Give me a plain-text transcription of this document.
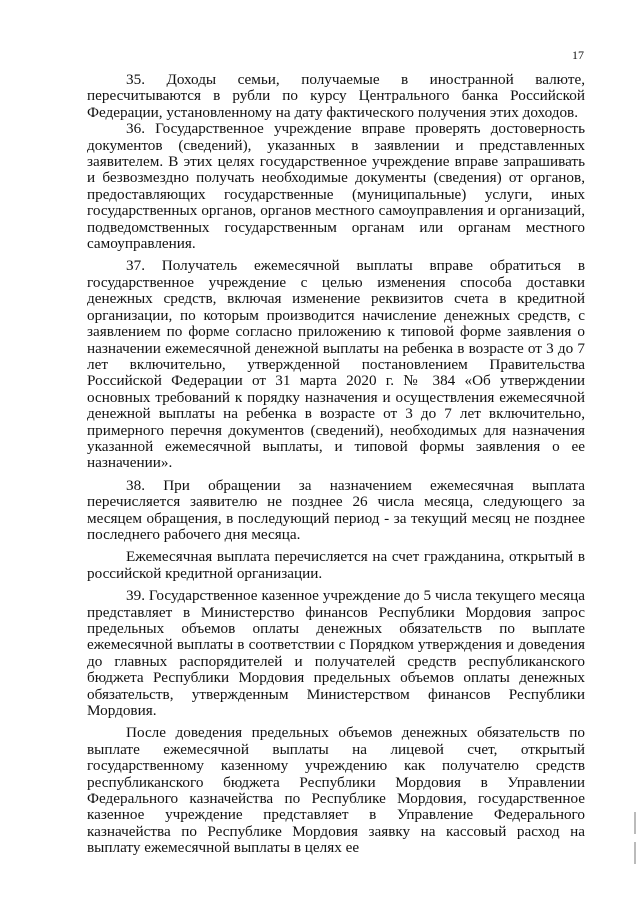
17

35. Доходы семьи, получаемые в иностранной валюте, пересчитываются в рубли по курсу Центрального банка Российской Федерации, установленному на дату фактического получения этих доходов.

36. Государственное учреждение вправе проверять достоверность документов (сведений), указанных в заявлении и представленных заявителем. В этих целях государственное учреждение вправе запрашивать и безвозмездно получать необходимые документы (сведения) от органов, предоставляющих государственные (муниципальные) услуги, иных государственных органов, органов местного самоуправления и организаций, подведомственных государственным органам или органам местного самоуправления.

37. Получатель ежемесячной выплаты вправе обратиться в государственное учреждение с целью изменения способа доставки денежных средств, включая изменение реквизитов счета в кредитной организации, по которым производится начисление денежных средств, с заявлением по форме согласно приложению к типовой форме заявления о назначении ежемесячной денежной выплаты на ребенка в возрасте от 3 до 7 лет включительно, утвержденной постановлением Правительства Российской Федерации от 31 марта 2020 г. № 384 «Об утверждении основных требований к порядку назначения и осуществления ежемесячной денежной выплаты на ребенка в возрасте от 3 до 7 лет включительно, примерного перечня документов (сведений), необходимых для назначения указанной ежемесячной выплаты, и типовой формы заявления о ее назначении».

38. При обращении за назначением ежемесячная выплата перечисляется заявителю не позднее 26 числа месяца, следующего за месяцем обращения, в последующий период - за текущий месяц не позднее последнего рабочего дня месяца.

Ежемесячная выплата перечисляется на счет гражданина, открытый в российской кредитной организации.

39. Государственное казенное учреждение до 5 числа текущего месяца представляет в Министерство финансов Республики Мордовия запрос предельных объемов оплаты денежных обязательств по выплате ежемесячной выплаты в соответствии с Порядком утверждения и доведения до главных распорядителей и получателей средств республиканского бюджета Республики Мордовия предельных объемов оплаты денежных обязательств, утвержденным Министерством финансов Республики Мордовия.

После доведения предельных объемов денежных обязательств по выплате ежемесячной выплаты на лицевой счет, открытый государственному казенному учреждению как получателю средств республиканского бюджета Республики Мордовия в Управлении Федерального казначейства по Республике Мордовия, государственное казенное учреждение представляет в Управление Федерального казначейства по Республике Мордовия заявку на кассовый расход на выплату ежемесячной выплаты в целях ее
